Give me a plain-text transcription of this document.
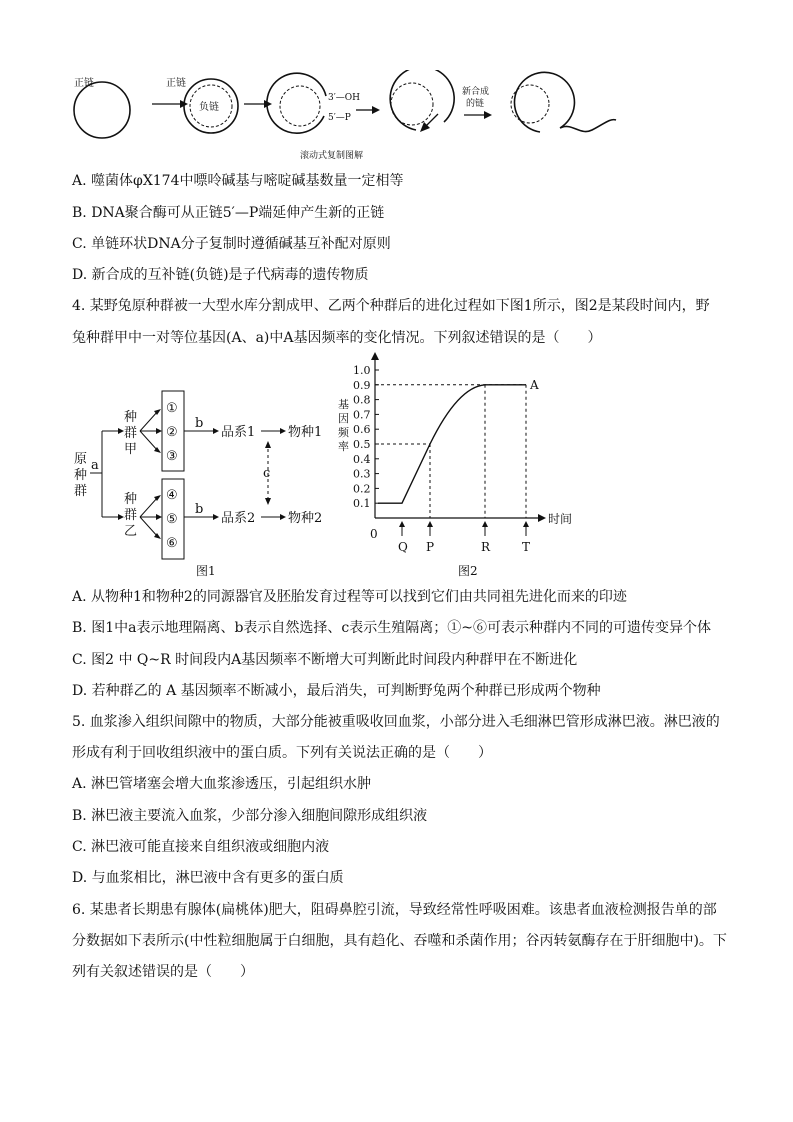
正链	正链
负链
3′—OH
5′—P
新合成
的链
滚动式复制图解
A. 噬菌体φX174中嘌呤碱基与嘧啶碱基数量一定相等
B. DNA聚合酶可从正链5′—P端延伸产生新的正链
C. 单链环状DNA分子复制时遵循碱基互补配对原则
D. 新合成的互补链(负链)是子代病毒的遗传物质
4. 某野兔原种群被一大型水库分割成甲、乙两个种群后的进化过程如下图1所示，图2是某段时间内，野
兔种群甲中一对等位基因(A、a)中A基因频率的变化情况。下列叙述错误的是（　　）
原
种
群
a
种
群
甲
①
②
③
b
品系1	物种1
c
种
群
乙
④
⑤
⑥
b
品系2	物种2
图1
时间
0
图2
基
因
频
率
0.1
0.2
0.3
0.4
0.5
0.6
0.7
0.8
0.9
1.0
A
Q P	R	T
A. 从物种1和物种2的同源器官及胚胎发育过程等可以找到它们由共同祖先进化而来的印迹
B. 图1中a表示地理隔离、b表示自然选择、c表示生殖隔离；①~⑥可表示种群内不同的可遗传变异个体
C. 图2 中 Q~R 时间段内A基因频率不断增大可判断此时间段内种群甲在不断进化
D. 若种群乙的 A 基因频率不断减小，最后消失，可判断野兔两个种群已形成两个物种
5. 血浆渗入组织间隙中的物质，大部分能被重吸收回血浆，小部分进入毛细淋巴管形成淋巴液。淋巴液的
形成有利于回收组织液中的蛋白质。下列有关说法正确的是（　　）
A. 淋巴管堵塞会增大血浆渗透压，引起组织水肿
B. 淋巴液主要流入血浆，少部分渗入细胞间隙形成组织液
C. 淋巴液可能直接来自组织液或细胞内液
D. 与血浆相比，淋巴液中含有更多的蛋白质
6. 某患者长期患有腺体(扁桃体)肥大，阻碍鼻腔引流，导致经常性呼吸困难。该患者血液检测报告单的部
分数据如下表所示(中性粒细胞属于白细胞，具有趋化、吞噬和杀菌作用；谷丙转氨酶存在于肝细胞中)。下
列有关叙述错误的是（　　）
